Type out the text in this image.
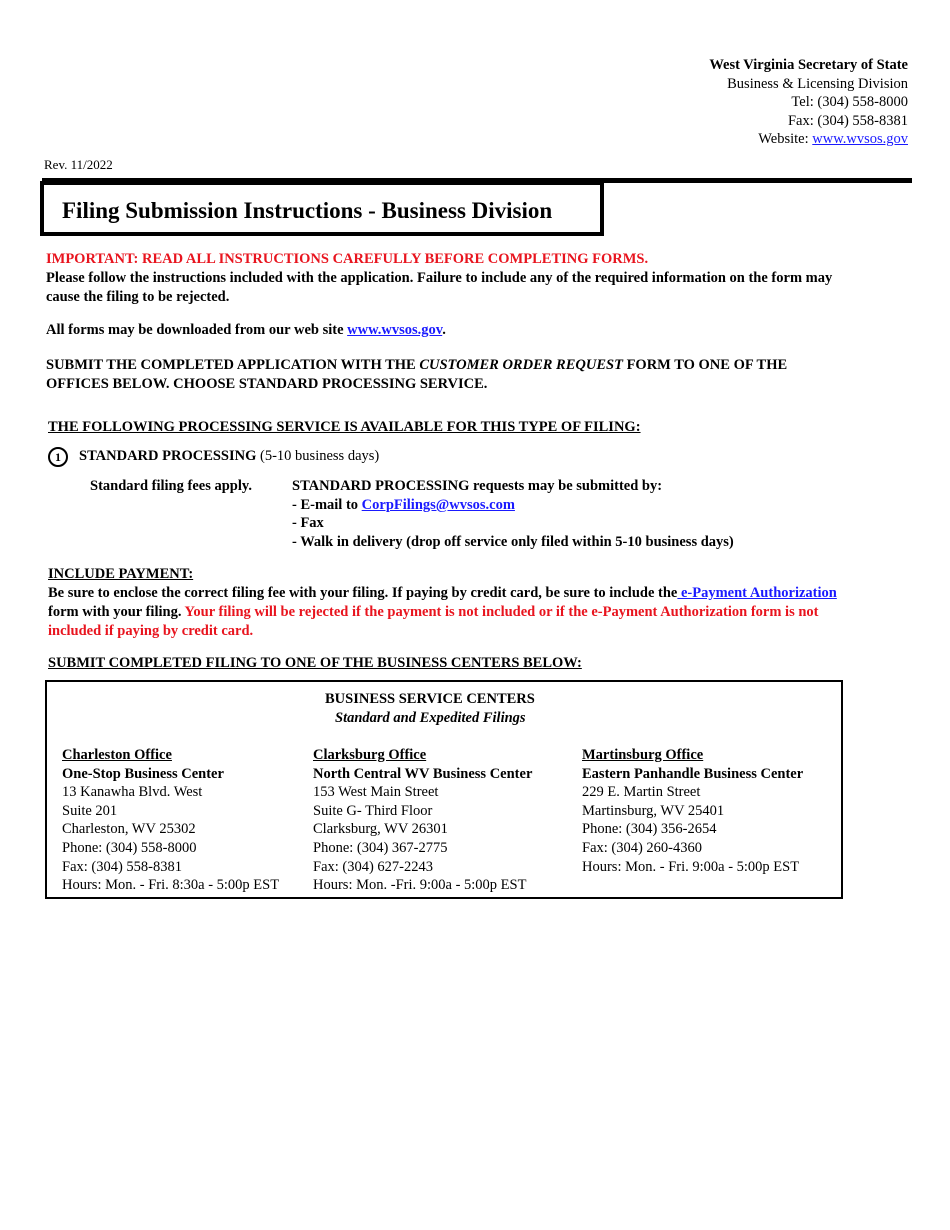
West Virginia Secretary of State
Business & Licensing Division
Tel: (304) 558-8000
Fax: (304) 558-8381
Website: www.wvsos.gov
Rev. 11/2022
Filing Submission Instructions - Business Division
IMPORTANT: READ ALL INSTRUCTIONS CAREFULLY BEFORE COMPLETING FORMS.
Please follow the instructions included with the application. Failure to include any of the required information on the form may
cause the filing to be rejected.
All forms may be downloaded from our web site www.wvsos.gov.
SUBMIT THE COMPLETED APPLICATION WITH THE CUSTOMER ORDER REQUEST FORM TO ONE OF THE
OFFICES BELOW. CHOOSE STANDARD PROCESSING SERVICE.
THE FOLLOWING PROCESSING SERVICE IS AVAILABLE FOR THIS TYPE OF FILING:
1	STANDARD PROCESSING (5-10 business days)
Standard filing fees apply.	STANDARD PROCESSING requests may be submitted by:
- E-mail to CorpFilings@wvsos.com
- Fax
- Walk in delivery (drop off service only filed within 5-10 business days)
INCLUDE PAYMENT:
Be sure to enclose the correct filing fee with your filing. If paying by credit card, be sure to include the e-Payment Authorization
form with your filing. Your filing will be rejected if the payment is not included or if the e-Payment Authorization form is not
included if paying by credit card.
SUBMIT COMPLETED FILING TO ONE OF THE BUSINESS CENTERS BELOW:
BUSINESS SERVICE CENTERS
Standard and Expedited Filings
Charleston Office
One-Stop Business Center
13 Kanawha Blvd. West
Suite 201
Charleston, WV 25302
Phone: (304) 558-8000
Fax: (304) 558-8381
Hours: Mon. - Fri. 8:30a - 5:00p EST
Clarksburg Office
North Central WV Business Center
153 West Main Street
Suite G- Third Floor
Clarksburg, WV 26301
Phone: (304) 367-2775
Fax: (304) 627-2243
Hours: Mon. -Fri. 9:00a - 5:00p EST
Martinsburg Office
Eastern Panhandle Business Center
229 E. Martin Street
Martinsburg, WV 25401
Phone: (304) 356-2654
Fax: (304) 260-4360
Hours: Mon. - Fri. 9:00a - 5:00p EST
